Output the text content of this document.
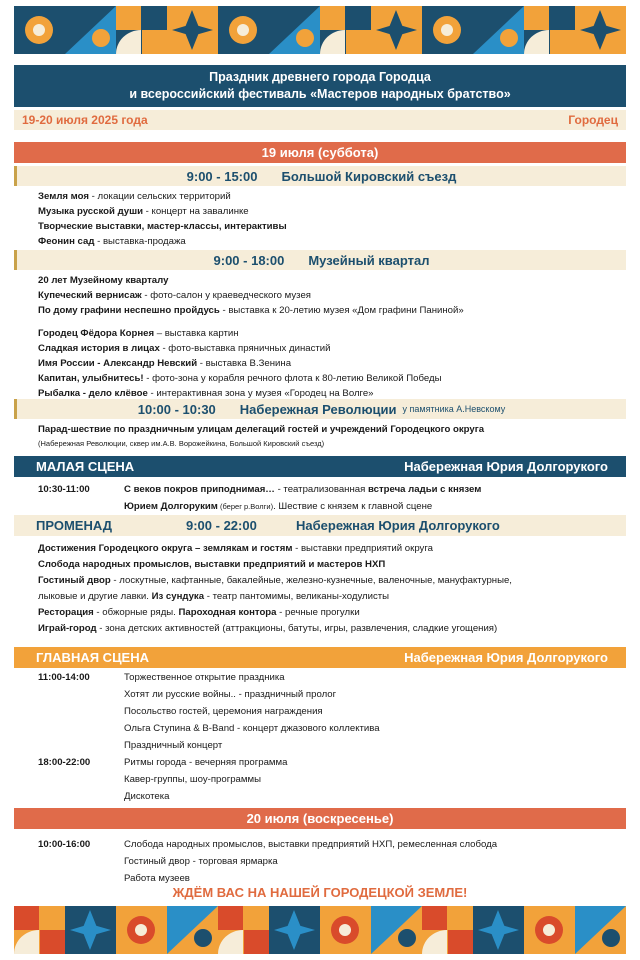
Праздник древнего города Городца
и всероссийский фестиваль «Мастеров народных братство»
19-20 июля 2025 года	Городец
19 июля (суббота)
9:00 - 15:00 Большой Кировский съезд
Земля моя - локации сельских территорий
Музыка русской души - концерт на завалинке
Творческие выставки, мастер-классы, интерактивы
Феонин сад - выставка-продажа
9:00 - 18:00 Музейный квартал
20 лет Музейному кварталу
Купеческий вернисаж - фото-салон у краеведческого музея
По дому графини неспешно пройдусь - выставка к 20-летию музея «Дом графини Паниной»
Городец Фёдора Корнея – выставка картин
Сладкая история в лицах - фото-выставка пряничных династий
Имя России - Александр Невский - выставка В.Зенина
Капитан, улыбнитесь! - фото-зона у корабля речного флота к 80-летию Великой Победы
Рыбалка - дело клёвое - интерактивная зона у музея «Городец на Волге»
10:00 - 10:30 Набережная Революции у памятника А.Невскому
Парад-шествие по праздничным улицам делегаций гостей и учреждений Городецкого округа
(Набережная Революции, сквер им.А.В. Ворожейкина, Большой Кировский съезд)
МАЛАЯ СЦЕНА	Набережная Юрия Долгорукого
10:30-11:00	С веков покров приподнимая… - театрализованная встреча ладьи с князем
Юрием Долгоруким (берег р.Волги). Шествие с князем к главной сцене
ПРОМЕНАД	9:00 - 22:00	Набережная Юрия Долгорукого
Достижения Городецкого округа – землякам и гостям - выставки предприятий округа
Слобода народных промыслов, выставки предприятий и мастеров НХП
Гостиный двор - лоскутные, кафтанные, бакалейные, железно-кузнечные, валеночные, мануфактурные,
лыковые и другие лавки. Из сундука - театр пантомимы, великаны-ходулисты
Ресторация - обжорные ряды. Пароходная контора - речные прогулки
Играй-город - зона детских активностей (аттракционы, батуты, игры, развлечения, сладкие угощения)
ГЛАВНАЯ СЦЕНА	Набережная Юрия Долгорукого
11:00-14:00	Торжественное открытие праздника
Хотят ли русские войны.. - праздничный пролог
Посольство гостей, церемония награждения
Ольга Ступина & B-Band - концерт джазового коллектива
Праздничный концерт
18:00-22:00	Ритмы города - вечерняя программа
Кавер-группы, шоу-программы
Дискотека
20 июля (воскресенье)
10:00-16:00	Слобода народных промыслов, выставки предприятий НХП, ремесленная слобода
Гостиный двор - торговая ярмарка
Работа музеев
ЖДЁМ ВАС НА НАШЕЙ ГОРОДЕЦКОЙ ЗЕМЛЕ!
